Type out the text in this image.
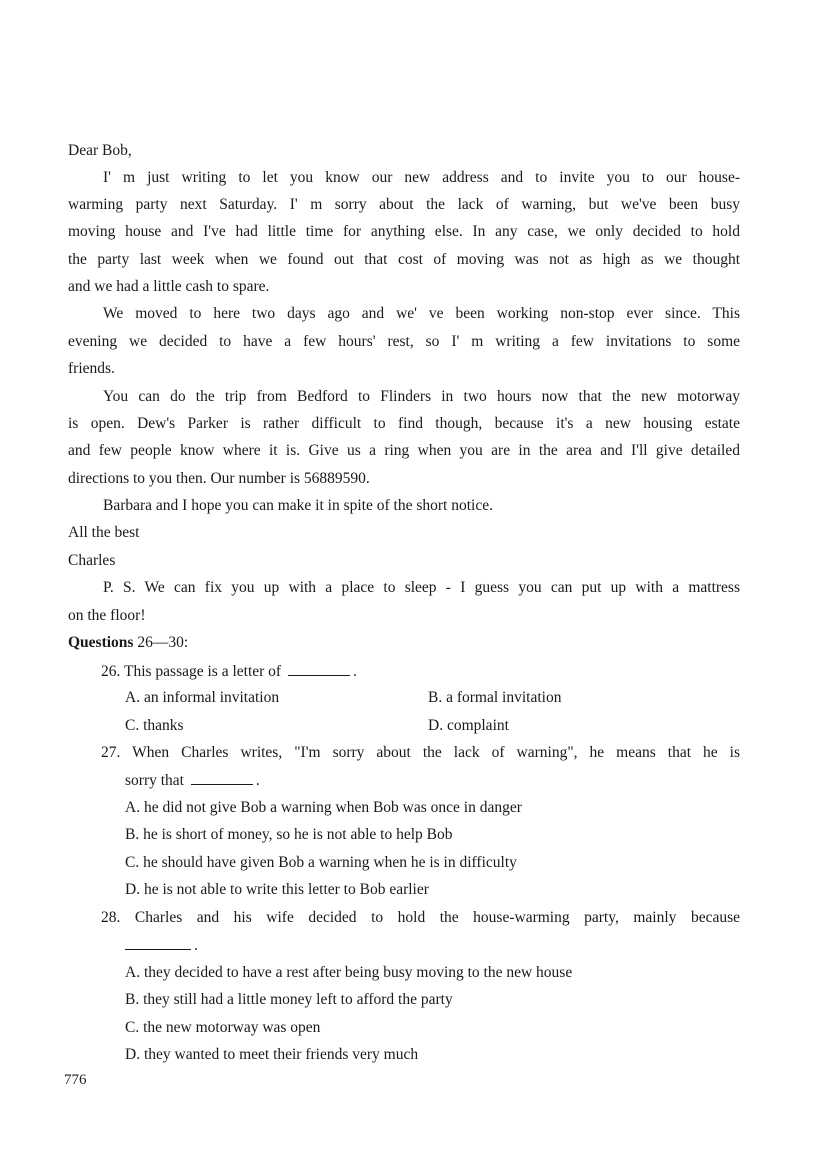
Dear Bob,
I' m just writing to let you know our new address and to invite you to our house-
warming party next Saturday. I' m sorry about the lack of warning, but we've been busy
moving house and I've had little time for anything else. In any case, we only decided to hold
the party last week when we found out that cost of moving was not as high as we thought
and we had a little cash to spare.
We moved to here two days ago and we' ve been working non-stop ever since. This
evening we decided to have a few hours' rest, so I' m writing a few invitations to some
friends.
You can do the trip from Bedford to Flinders in two hours now that the new motorway
is open. Dew's Parker is rather difficult to find though, because it's a new housing estate
and few people know where it is. Give us a ring when you are in the area and I'll give detailed
directions to you then. Our number is 56889590.
Barbara and I hope you can make it in spite of the short notice.
All the best
Charles
P. S. We can fix you up with a place to sleep - I guess you can put up with a mattress
on the floor!
Questions 26—30:
26. This passage is a letter of	.
A. an informal invitation	B. a formal invitation
C. thanks	D. complaint
27. When Charles writes, "I'm sorry about the lack of warning", he means that he is
sorry that	.
A. he did not give Bob a warning when Bob was once in danger
B. he is short of money, so he is not able to help Bob
C. he should have given Bob a warning when he is in difficulty
D. he is not able to write this letter to Bob earlier
28. Charles and his wife decided to hold the house-warming party, mainly because
.
A. they decided to have a rest after being busy moving to the new house
B. they still had a little money left to afford the party
C. the new motorway was open
D. they wanted to meet their friends very much
776
